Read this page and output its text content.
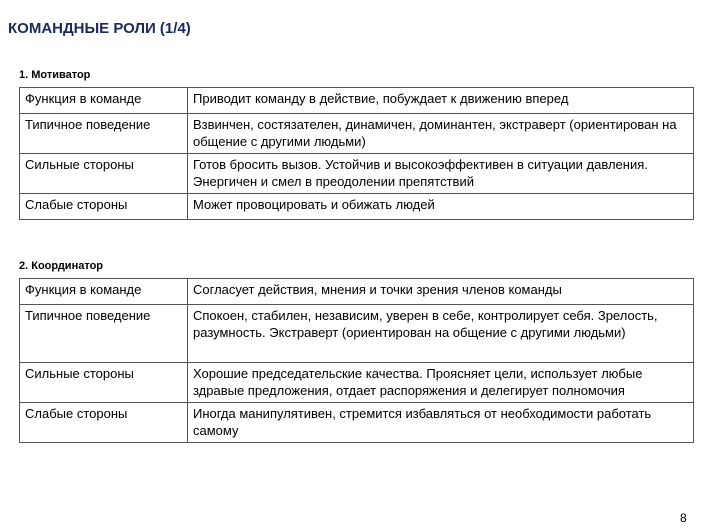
КОМАНДНЫЕ РОЛИ (1/4)
1. Мотиватор
Функция в команде	Приводит команду в действие, побуждает к движению вперед
Типичное поведение	Взвинчен, состязателен, динамичен, доминантен, экстраверт (ориентирован на общение с другими людьми)
Сильные стороны	Готов бросить вызов. Устойчив и высокоэффективен в ситуации давления. Энергичен и смел в преодолении препятствий
Слабые стороны	Может провоцировать и обижать людей
2. Координатор
Функция в команде	Согласует действия, мнения и точки зрения членов команды
Типичное поведение	Спокоен, стабилен, независим, уверен в себе, контролирует себя. Зрелость, разумность. Экстраверт (ориентирован на общение с другими людьми)
Сильные стороны	Хорошие председательские качества. Проясняет цели, использует любые здравые предложения, отдает распоряжения и делегирует полномочия
Слабые стороны	Иногда манипулятивен, стремится избавляться от необходимости работать самому
8
